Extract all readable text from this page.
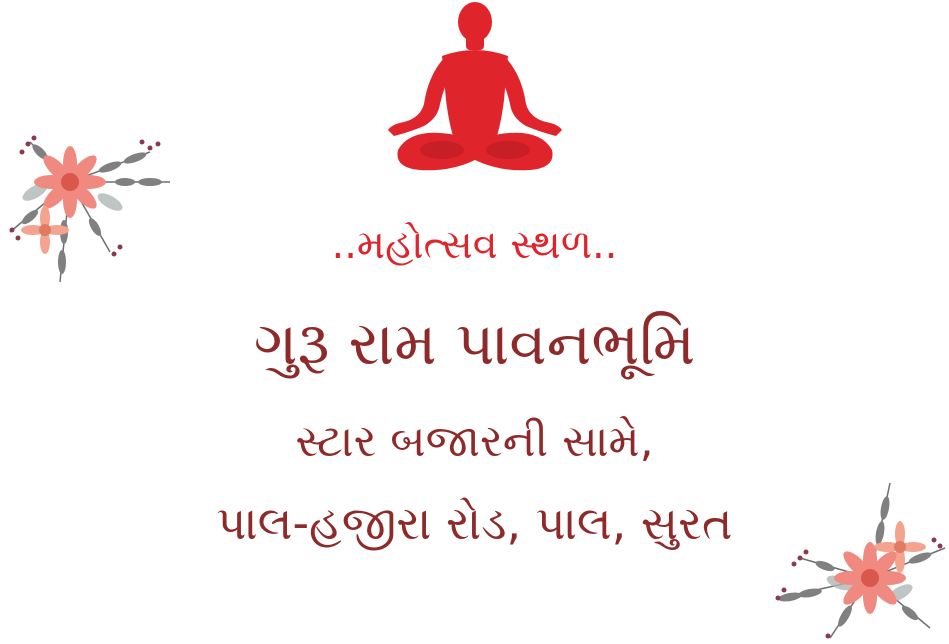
..મહોત્સવ સ્થળ..
ગુરૂ રામ પાવનભૂમિ
સ્ટાર બજારની સામે,
પાલ-હજીરા રોડ, પાલ, સુરત
